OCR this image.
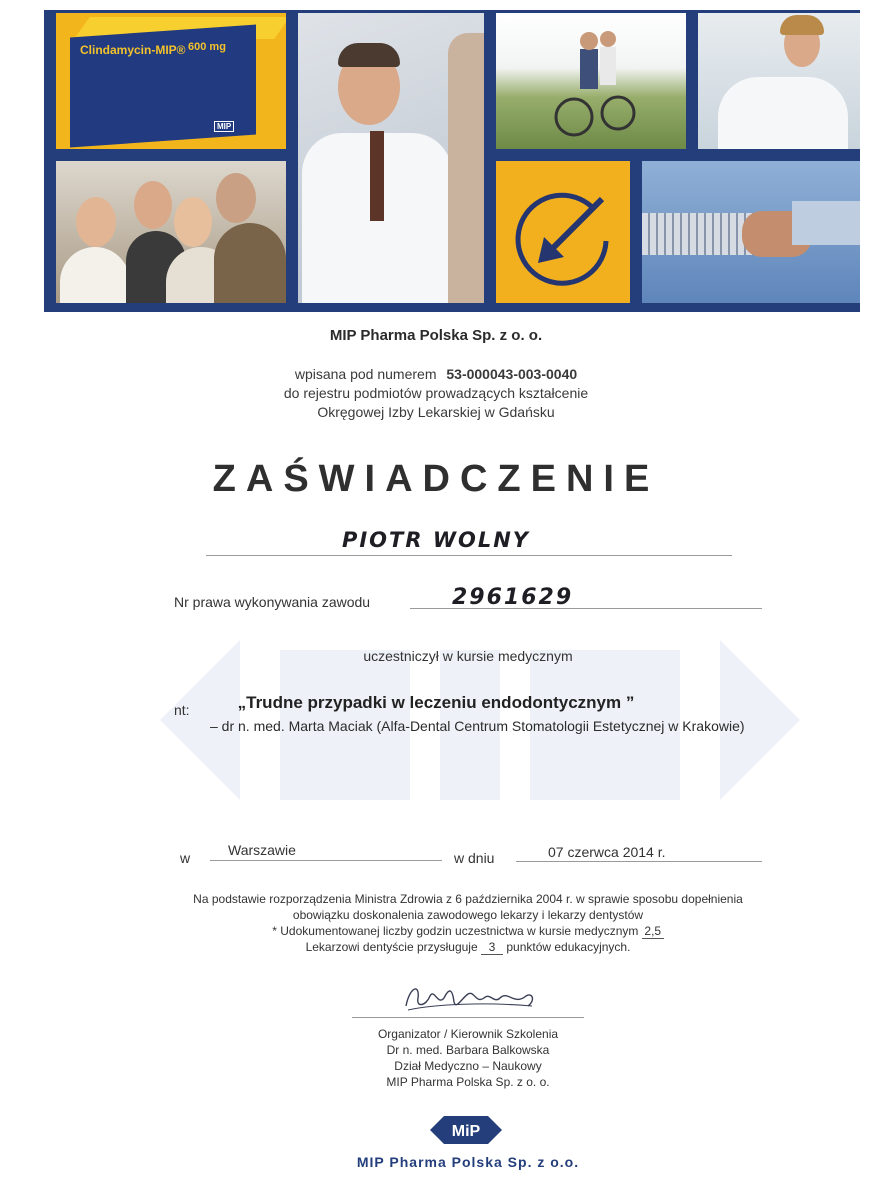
Clindamycin-MIP® 600 mg
MIP
MIP Pharma Polska Sp. z o. o.
wpisana pod numerem 53-000043-003-0040
do rejestru podmiotów prowadzących kształcenie
Okręgowej Izby Lekarskiej w Gdańsku
ZAŚWIADCZENIE
PIOTR WOLNY
Nr prawa wykonywania zawodu	2961629
uczestniczył w kursie medycznym
nt:	„Trudne przypadki w leczeniu endodontycznym ”
– dr n. med. Marta Maciak (Alfa-Dental Centrum Stomatologii Estetycznej w Krakowie)
w	Warszawie	w dniu	07 czerwca 2014 r.
Na podstawie rozporządzenia Ministra Zdrowia z 6 października 2004 r. w sprawie sposobu dopełnienia
obowiązku doskonalenia zawodowego lekarzy i lekarzy dentystów
* Udokumentowanej liczby godzin uczestnictwa w kursie medycznym 2,5
Lekarzowi dentyście przysługuje 3 punktów edukacyjnych.
Organizator / Kierownik Szkolenia
Dr n. med. Barbara Balkowska
Dział Medyczno – Naukowy
MIP Pharma Polska Sp. z o. o.
MiP
MIP Pharma Polska Sp. z o.o.
